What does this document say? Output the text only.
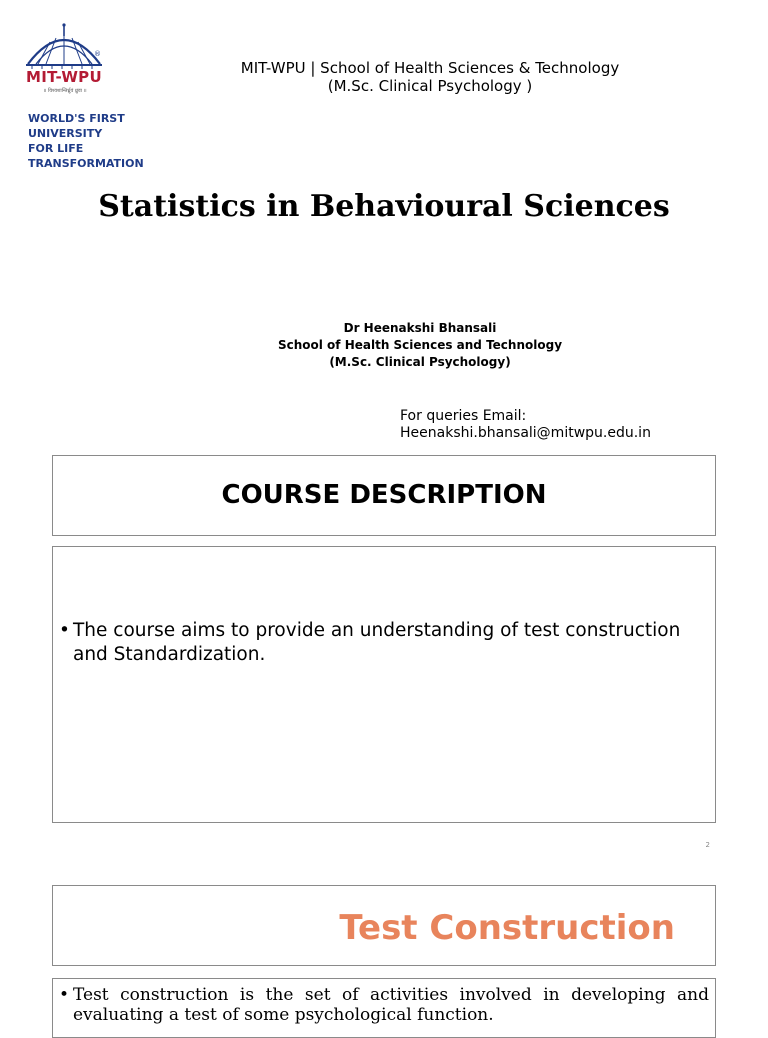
®
MIT-WPU
॥ विश्वशान्तिर्ध्रुवं ध्रुवा ॥
WORLD'S FIRST UNIVERSITY
FOR LIFE TRANSFORMATION
MIT-WPU | School of Health Sciences & Technology
(M.Sc. Clinical Psychology )
Statistics in Behavioural Sciences
Dr Heenakshi Bhansali
School of Health Sciences and Technology
(M.Sc. Clinical Psychology)
For queries Email:
Heenakshi.bhansali@mitwpu.edu.in
COURSE DESCRIPTION
• The course aims to provide an understanding of test construction and Standardization.
2
Test Construction
• Test construction is the set of activities involved in developing and evaluating a test of some psychological function.
